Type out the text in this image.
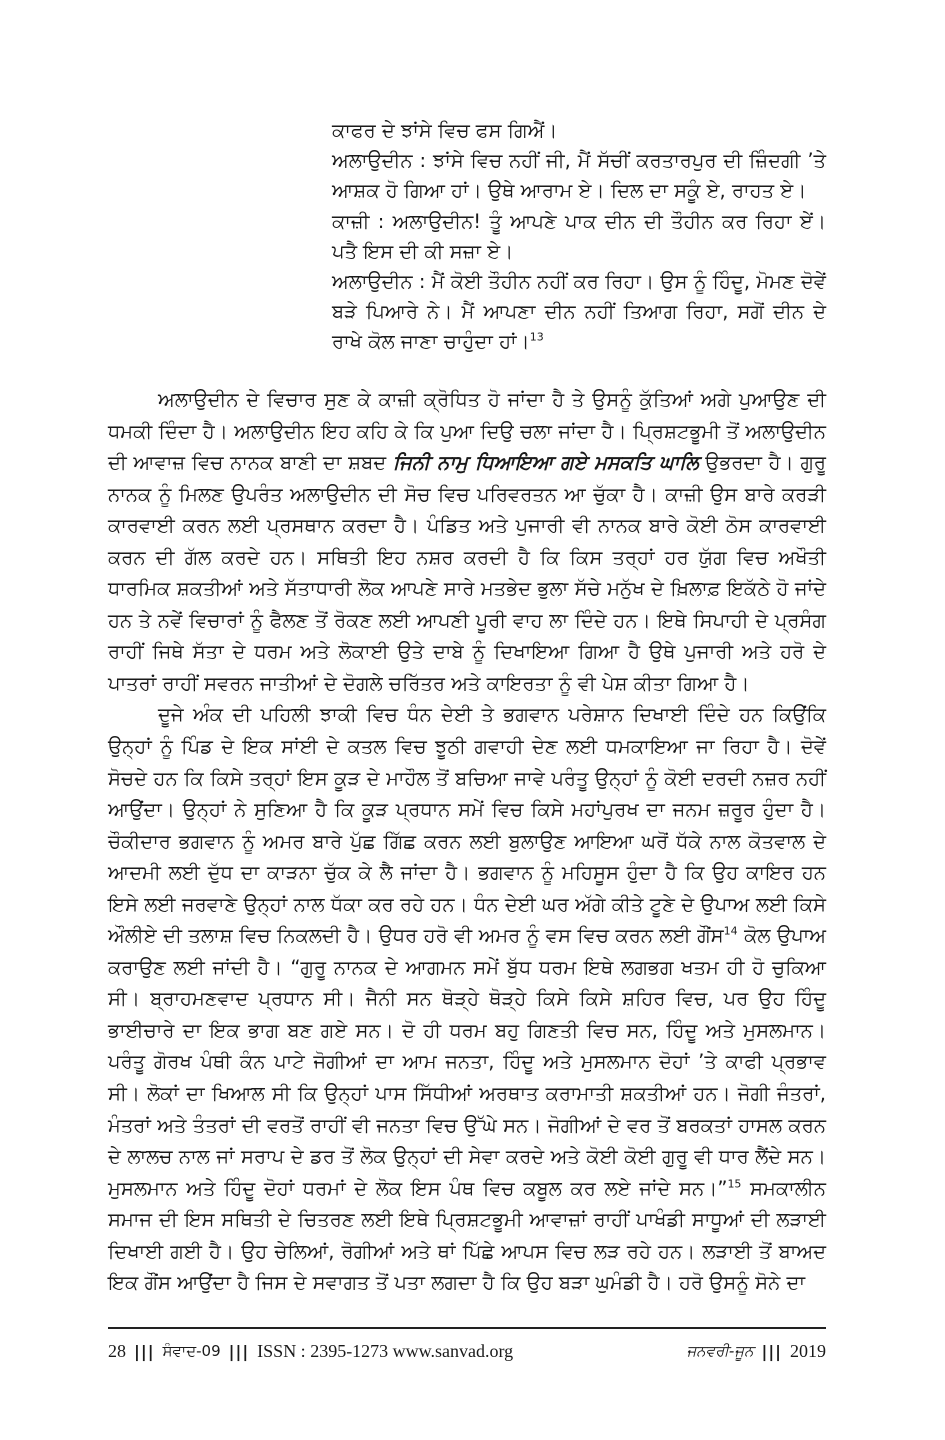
ਕਾਫਰ ਦੇ ਝਾਂਸੇ ਵਿਚ ਫਸ ਗਿਐਂ।

ਅਲਾਉਦੀਨ : ਝਾਂਸੇ ਵਿਚ ਨਹੀਂ ਜੀ, ਮੈਂ ਸੱਚੀਂ ਕਰਤਾਰਪੁਰ ਦੀ ਜ਼ਿੰਦਗੀ ’ਤੇ ਆਸ਼ਕ ਹੋ ਗਿਆ ਹਾਂ। ਉਥੇ ਆਰਾਮ ਏ। ਦਿਲ ਦਾ ਸਕੂੰ ਏ, ਰਾਹਤ ਏ।

ਕਾਜ਼ੀ : ਅਲਾਉਦੀਨ! ਤੂੰ ਆਪਣੇ ਪਾਕ ਦੀਨ ਦੀ ਤੌਹੀਨ ਕਰ ਰਿਹਾ ਏਂ। ਪਤੈ ਇਸ ਦੀ ਕੀ ਸਜ਼ਾ ਏ।

ਅਲਾਉਦੀਨ : ਮੈਂ ਕੋਈ ਤੌਹੀਨ ਨਹੀਂ ਕਰ ਰਿਹਾ। ਉਸ ਨੂੰ ਹਿੰਦੂ, ਮੋਮਣ ਦੋਵੇਂ ਬੜੇ ਪਿਆਰੇ ਨੇ। ਮੈਂ ਆਪਣਾ ਦੀਨ ਨਹੀਂ ਤਿਆਗ ਰਿਹਾ, ਸਗੋਂ ਦੀਨ ਦੇ ਰਾਖੇ ਕੋਲ ਜਾਣਾ ਚਾਹੁੰਦਾ ਹਾਂ।$^{13}$

ਅਲਾਉਦੀਨ ਦੇ ਵਿਚਾਰ ਸੁਣ ਕੇ ਕਾਜ਼ੀ ਕ੍ਰੋਧਿਤ ਹੋ ਜਾਂਦਾ ਹੈ ਤੇ ਉਸਨੂੰ ਕੁੱਤਿਆਂ ਅਗੇ ਪੁਆਉਣ ਦੀ ਧਮਕੀ ਦਿੰਦਾ ਹੈ। ਅਲਾਉਦੀਨ ਇਹ ਕਹਿ ਕੇ ਕਿ ਪੁਆ ਦਿਉ ਚਲਾ ਜਾਂਦਾ ਹੈ। ਪ੍ਰਿਸ਼ਟਭੂਮੀ ਤੋਂ ਅਲਾਉਦੀਨ ਦੀ ਆਵਾਜ਼ ਵਿਚ ਨਾਨਕ ਬਾਣੀ ਦਾ ਸ਼ਬਦ ਜਿਨੀ ਨਾਮੁ ਧਿਆਇਆ ਗਏ ਮਸਕਤਿ ਘਾਲਿ ਉਭਰਦਾ ਹੈ। ਗੁਰੂ ਨਾਨਕ ਨੂੰ ਮਿਲਣ ਉਪਰੰਤ ਅਲਾਉਦੀਨ ਦੀ ਸੋਚ ਵਿਚ ਪਰਿਵਰਤਨ ਆ ਚੁੱਕਾ ਹੈ। ਕਾਜ਼ੀ ਉਸ ਬਾਰੇ ਕਰੜੀ ਕਾਰਵਾਈ ਕਰਨ ਲਈ ਪ੍ਰਸਥਾਨ ਕਰਦਾ ਹੈ। ਪੰਡਿਤ ਅਤੇ ਪੁਜਾਰੀ ਵੀ ਨਾਨਕ ਬਾਰੇ ਕੋਈ ਠੋਸ ਕਾਰਵਾਈ ਕਰਨ ਦੀ ਗੱਲ ਕਰਦੇ ਹਨ। ਸਥਿਤੀ ਇਹ ਨਸ਼ਰ ਕਰਦੀ ਹੈ ਕਿ ਕਿਸ ਤਰ੍ਹਾਂ ਹਰ ਯੁੱਗ ਵਿਚ ਅਖੌਤੀ ਧਾਰਮਿਕ ਸ਼ਕਤੀਆਂ ਅਤੇ ਸੱਤਾਧਾਰੀ ਲੋਕ ਆਪਣੇ ਸਾਰੇ ਮਤਭੇਦ ਭੁਲਾ ਸੱਚੇ ਮਨੁੱਖ ਦੇ ਖ਼ਿਲਾਫ਼ ਇਕੱਠੇ ਹੋ ਜਾਂਦੇ ਹਨ ਤੇ ਨਵੇਂ ਵਿਚਾਰਾਂ ਨੂੰ ਫੈਲਣ ਤੋਂ ਰੋਕਣ ਲਈ ਆਪਣੀ ਪੂਰੀ ਵਾਹ ਲਾ ਦਿੰਦੇ ਹਨ। ਇਥੇ ਸਿਪਾਹੀ ਦੇ ਪ੍ਰਸੰਗ ਰਾਹੀਂ ਜਿਥੇ ਸੱਤਾ ਦੇ ਧਰਮ ਅਤੇ ਲੋਕਾਈ ਉਤੇ ਦਾਬੇ ਨੂੰ ਦਿਖਾਇਆ ਗਿਆ ਹੈ ਉਥੇ ਪੁਜਾਰੀ ਅਤੇ ਹਰੋ ਦੇ ਪਾਤਰਾਂ ਰਾਹੀਂ ਸਵਰਨ ਜਾਤੀਆਂ ਦੇ ਦੋਗਲੇ ਚਰਿੱਤਰ ਅਤੇ ਕਾਇਰਤਾ ਨੂੰ ਵੀ ਪੇਸ਼ ਕੀਤਾ ਗਿਆ ਹੈ।

ਦੂਜੇ ਅੰਕ ਦੀ ਪਹਿਲੀ ਝਾਕੀ ਵਿਚ ਧੰਨ ਦੇਈ ਤੇ ਭਗਵਾਨ ਪਰੇਸ਼ਾਨ ਦਿਖਾਈ ਦਿੰਦੇ ਹਨ ਕਿਉਂਕਿ ਉਨ੍ਹਾਂ ਨੂੰ ਪਿੰਡ ਦੇ ਇਕ ਸਾਂਈ ਦੇ ਕਤਲ ਵਿਚ ਝੂਠੀ ਗਵਾਹੀ ਦੇਣ ਲਈ ਧਮਕਾਇਆ ਜਾ ਰਿਹਾ ਹੈ। ਦੋਵੇਂ ਸੋਚਦੇ ਹਨ ਕਿ ਕਿਸੇ ਤਰ੍ਹਾਂ ਇਸ ਕੂੜ ਦੇ ਮਾਹੌਲ ਤੋਂ ਬਚਿਆ ਜਾਵੇ ਪਰੰਤੂ ਉਨ੍ਹਾਂ ਨੂੰ ਕੋਈ ਦਰਦੀ ਨਜ਼ਰ ਨਹੀਂ ਆਉਂਦਾ। ਉਨ੍ਹਾਂ ਨੇ ਸੁਣਿਆ ਹੈ ਕਿ ਕੂੜ ਪ੍ਰਧਾਨ ਸਮੇਂ ਵਿਚ ਕਿਸੇ ਮਹਾਂਪੁਰਖ ਦਾ ਜਨਮ ਜ਼ਰੂਰ ਹੁੰਦਾ ਹੈ। ਚੌਕੀਦਾਰ ਭਗਵਾਨ ਨੂੰ ਅਮਰ ਬਾਰੇ ਪੁੱਛ ਗਿੱਛ ਕਰਨ ਲਈ ਬੁਲਾਉਣ ਆਇਆ ਘਰੋਂ ਧੱਕੇ ਨਾਲ ਕੋਤਵਾਲ ਦੇ ਆਦਮੀ ਲਈ ਦੁੱਧ ਦਾ ਕਾੜਨਾ ਚੁੱਕ ਕੇ ਲੈ ਜਾਂਦਾ ਹੈ। ਭਗਵਾਨ ਨੂੰ ਮਹਿਸੂਸ ਹੁੰਦਾ ਹੈ ਕਿ ਉਹ ਕਾਇਰ ਹਨ ਇਸੇ ਲਈ ਜਰਵਾਣੇ ਉਨ੍ਹਾਂ ਨਾਲ ਧੱਕਾ ਕਰ ਰਹੇ ਹਨ। ਧੰਨ ਦੇਈ ਘਰ ਅੱਗੇ ਕੀਤੇ ਟੂਣੇ ਦੇ ਉਪਾਅ ਲਈ ਕਿਸੇ ਔਲੀਏ ਦੀ ਤਲਾਸ਼ ਵਿਚ ਨਿਕਲਦੀ ਹੈ। ਉਧਰ ਹਰੋ ਵੀ ਅਮਰ ਨੂੰ ਵਸ ਵਿਚ ਕਰਨ ਲਈ ਗੌਂਸ$^{14}$ ਕੋਲ ਉਪਾਅ ਕਰਾਉਣ ਲਈ ਜਾਂਦੀ ਹੈ। “ਗੁਰੂ ਨਾਨਕ ਦੇ ਆਗਮਨ ਸਮੇਂ ਬੁੱਧ ਧਰਮ ਇਥੇ ਲਗਭਗ ਖਤਮ ਹੀ ਹੋ ਚੁਕਿਆ ਸੀ। ਬ੍ਰਾਹਮਣਵਾਦ ਪ੍ਰਧਾਨ ਸੀ। ਜੈਨੀ ਸਨ ਥੋੜ੍ਹੇ ਥੋੜ੍ਹੇ ਕਿਸੇ ਕਿਸੇ ਸ਼ਹਿਰ ਵਿਚ, ਪਰ ਉਹ ਹਿੰਦੂ ਭਾਈਚਾਰੇ ਦਾ ਇਕ ਭਾਗ ਬਣ ਗਏ ਸਨ। ਦੋ ਹੀ ਧਰਮ ਬਹੁ ਗਿਣਤੀ ਵਿਚ ਸਨ, ਹਿੰਦੂ ਅਤੇ ਮੁਸਲਮਾਨ। ਪਰੰਤੂ ਗੋਰਖ ਪੰਥੀ ਕੰਨ ਪਾਟੇ ਜੋਗੀਆਂ ਦਾ ਆਮ ਜਨਤਾ, ਹਿੰਦੂ ਅਤੇ ਮੁਸਲਮਾਨ ਦੋਹਾਂ ’ਤੇ ਕਾਫੀ ਪ੍ਰਭਾਵ ਸੀ। ਲੋਕਾਂ ਦਾ ਖਿਆਲ ਸੀ ਕਿ ਉਨ੍ਹਾਂ ਪਾਸ ਸਿੱਧੀਆਂ ਅਰਥਾਤ ਕਰਾਮਾਤੀ ਸ਼ਕਤੀਆਂ ਹਨ। ਜੋਗੀ ਜੰਤਰਾਂ, ਮੰਤਰਾਂ ਅਤੇ ਤੰਤਰਾਂ ਦੀ ਵਰਤੋਂ ਰਾਹੀਂ ਵੀ ਜਨਤਾ ਵਿਚ ਉੱਘੇ ਸਨ। ਜੋਗੀਆਂ ਦੇ ਵਰ ਤੋਂ ਬਰਕਤਾਂ ਹਾਸਲ ਕਰਨ ਦੇ ਲਾਲਚ ਨਾਲ ਜਾਂ ਸਰਾਪ ਦੇ ਡਰ ਤੋਂ ਲੋਕ ਉਨ੍ਹਾਂ ਦੀ ਸੇਵਾ ਕਰਦੇ ਅਤੇ ਕੋਈ ਕੋਈ ਗੁਰੂ ਵੀ ਧਾਰ ਲੈਂਦੇ ਸਨ। ਮੁਸਲਮਾਨ ਅਤੇ ਹਿੰਦੂ ਦੋਹਾਂ ਧਰਮਾਂ ਦੇ ਲੋਕ ਇਸ ਪੰਥ ਵਿਚ ਕਬੂਲ ਕਰ ਲਏ ਜਾਂਦੇ ਸਨ।”$^{15}$ ਸਮਕਾਲੀਨ ਸਮਾਜ ਦੀ ਇਸ ਸਥਿਤੀ ਦੇ ਚਿਤਰਣ ਲਈ ਇਥੇ ਪ੍ਰਿਸ਼ਟਭੂਮੀ ਆਵਾਜ਼ਾਂ ਰਾਹੀਂ ਪਾਖੰਡੀ ਸਾਧੂਆਂ ਦੀ ਲੜਾਈ ਦਿਖਾਈ ਗਈ ਹੈ। ਉਹ ਚੇਲਿਆਂ, ਰੋਗੀਆਂ ਅਤੇ ਥਾਂ ਪਿੱਛੇ ਆਪਸ ਵਿਚ ਲੜ ਰਹੇ ਹਨ। ਲੜਾਈ ਤੋਂ ਬਾਅਦ ਇਕ ਗੌਂਸ ਆਉਂਦਾ ਹੈ ਜਿਸ ਦੇ ਸਵਾਗਤ ਤੋਂ ਪਤਾ ਲਗਦਾ ਹੈ ਕਿ ਉਹ ਬੜਾ ਘੁਮੰਡੀ ਹੈ। ਹਰੋ ਉਸਨੂੰ ਸੋਨੇ ਦਾ

28 ||| ਸੰਵਾਦ-09 ||| ISSN : 2395-1273 www.sanvad.org	ਜਨਵਰੀ-ਜੂਨ ||| 2019
